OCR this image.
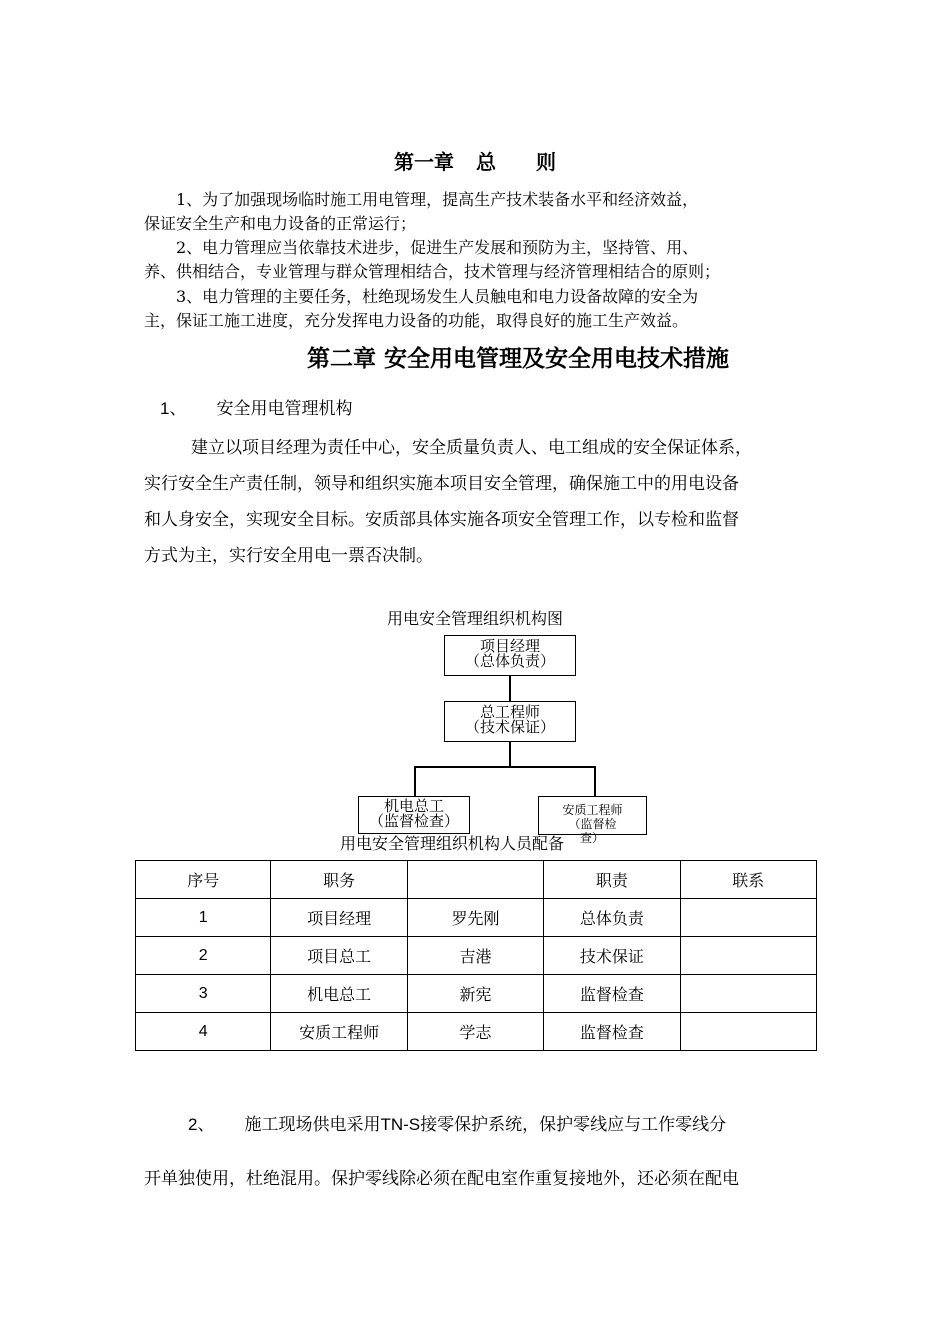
第一章 总 则
1、为了加强现场临时施工用电管理，提高生产技术装备水平和经济效益，
保证安全生产和电力设备的正常运行；
2、电力管理应当依靠技术进步，促进生产发展和预防为主，坚持管、用、
养、供相结合，专业管理与群众管理相结合，技术管理与经济管理相结合的原则；
3、电力管理的主要任务，杜绝现场发生人员触电和电力设备故障的安全为
主，保证工施工进度，充分发挥电力设备的功能，取得良好的施工生产效益。
第二章 安全用电管理及安全用电技术措施
1、 安全用电管理机构
建立以项目经理为责任中心，安全质量负责人、电工组成的安全保证体系，
实行安全生产责任制，领导和组织实施本项目安全管理，确保施工中的用电设备
和人身安全，实现安全目标。安质部具体实施各项安全管理工作，以专检和监督
方式为主，实行安全用电一票否决制。
用电安全管理组织机构图
项目经理
（总体负责）
总工程师
（技术保证）
机电总工
（监督检查）
安质工程师
（监督检
用电安全管理组织机构人员配备 查）
序号	职务		职责	联系
1	项目经理	罗先刚	总体负责	
2	项目总工	吉港	技术保证	
3	机电总工	新宪	监督检查	
4	安质工程师	学志	监督检查	
2、 施工现场供电采用TN-S接零保护系统，保护零线应与工作零线分
开单独使用，杜绝混用。保护零线除必须在配电室作重复接地外，还必须在配电
